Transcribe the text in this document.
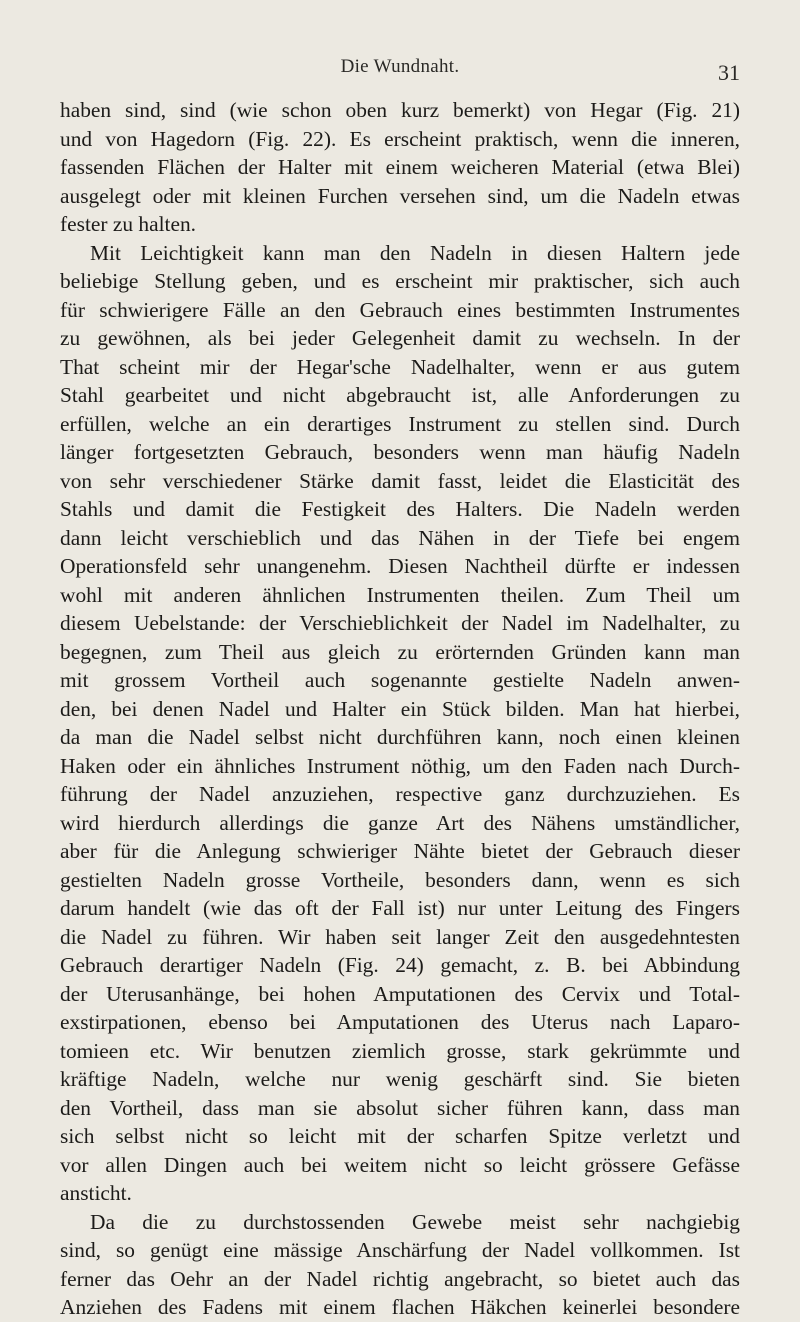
Die Wundnaht.	31
haben sind, sind (wie schon oben kurz bemerkt) von Hegar (Fig. 21)
und von Hagedorn (Fig. 22). Es erscheint praktisch, wenn die inneren,
fassenden Flächen der Halter mit einem weicheren Material (etwa Blei)
ausgelegt oder mit kleinen Furchen versehen sind, um die Nadeln etwas
fester zu halten.
Mit Leichtigkeit kann man den Nadeln in diesen Haltern jede
beliebige Stellung geben, und es erscheint mir praktischer, sich auch
für schwierigere Fälle an den Gebrauch eines bestimmten Instrumentes
zu gewöhnen, als bei jeder Gelegenheit damit zu wechseln. In der
That scheint mir der Hegar'sche Nadelhalter, wenn er aus gutem
Stahl gearbeitet und nicht abgebraucht ist, alle Anforderungen zu
erfüllen, welche an ein derartiges Instrument zu stellen sind. Durch
länger fortgesetzten Gebrauch, besonders wenn man häufig Nadeln
von sehr verschiedener Stärke damit fasst, leidet die Elasticität des
Stahls und damit die Festigkeit des Halters. Die Nadeln werden
dann leicht verschieblich und das Nähen in der Tiefe bei engem
Operationsfeld sehr unangenehm. Diesen Nachtheil dürfte er indessen
wohl mit anderen ähnlichen Instrumenten theilen. Zum Theil um
diesem Uebelstande: der Verschieblichkeit der Nadel im Nadelhalter, zu
begegnen, zum Theil aus gleich zu erörternden Gründen kann man
mit grossem Vortheil auch sogenannte gestielte Nadeln anwen-
den, bei denen Nadel und Halter ein Stück bilden. Man hat hierbei,
da man die Nadel selbst nicht durchführen kann, noch einen kleinen
Haken oder ein ähnliches Instrument nöthig, um den Faden nach Durch-
führung der Nadel anzuziehen, respective ganz durchzuziehen. Es
wird hierdurch allerdings die ganze Art des Nähens umständlicher,
aber für die Anlegung schwieriger Nähte bietet der Gebrauch dieser
gestielten Nadeln grosse Vortheile, besonders dann, wenn es sich
darum handelt (wie das oft der Fall ist) nur unter Leitung des Fingers
die Nadel zu führen. Wir haben seit langer Zeit den ausgedehntesten
Gebrauch derartiger Nadeln (Fig. 24) gemacht, z. B. bei Abbindung
der Uterusanhänge, bei hohen Amputationen des Cervix und Total-
exstirpationen, ebenso bei Amputationen des Uterus nach Laparo-
tomieen etc. Wir benutzen ziemlich grosse, stark gekrümmte und
kräftige Nadeln, welche nur wenig geschärft sind. Sie bieten
den Vortheil, dass man sie absolut sicher führen kann, dass man
sich selbst nicht so leicht mit der scharfen Spitze verletzt und
vor allen Dingen auch bei weitem nicht so leicht grössere Gefässe
ansticht.
Da die zu durchstossenden Gewebe meist sehr nachgiebig
sind, so genügt eine mässige Anschärfung der Nadel vollkommen. Ist
ferner das Oehr an der Nadel richtig angebracht, so bietet auch das
Anziehen des Fadens mit einem flachen Häkchen keinerlei besondere
